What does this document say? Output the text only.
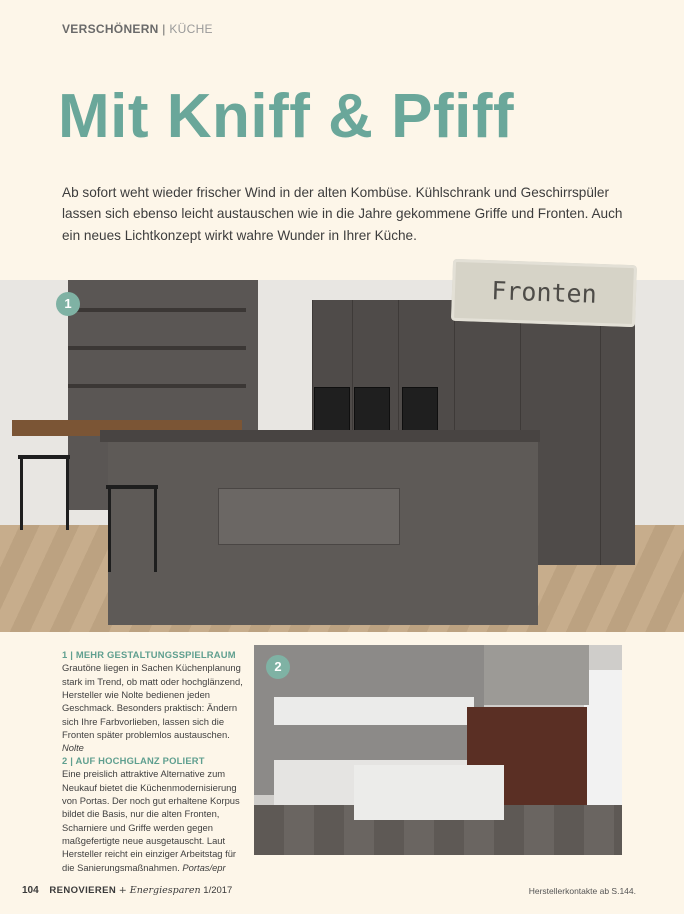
VERSCHÖNERN | KÜCHE
Mit Kniff & Pfiff

Ab sofort weht wieder frischer Wind in der alten Kombüse. Kühlschrank und Geschirrspüler lassen sich ebenso leicht austauschen wie in die Jahre gekommene Griffe und Fronten. Auch ein neues Lichtkonzept wirkt wahre Wunder in Ihrer Küche.

1	Fronten
1 | MEHR GESTALTUNGSSPIELRAUM
Grautöne liegen in Sachen Küchenplanung stark im Trend, ob matt oder hochglänzend, Hersteller wie Nolte bedienen jeden Geschmack. Besonders praktisch: Ändern sich Ihre Farbvorlieben, lassen sich die Fronten später problemlos austauschen. Nolte
2 | AUF HOCHGLANZ POLIERT
Eine preislich attraktive Alternative zum Neukauf bietet die Küchenmodernisierung von Portas. Der noch gut erhaltene Korpus bildet die Basis, nur die alten Fronten, Scharniere und Griffe werden gegen maßgefertigte neue ausgetauscht. Laut Hersteller reicht ein einziger Arbeitstag für die Sanierungsmaßnahmen. Portas/epr
2
104 RENOVIEREN + Energiesparen 1/2017	Herstellerkontakte ab S.144.
